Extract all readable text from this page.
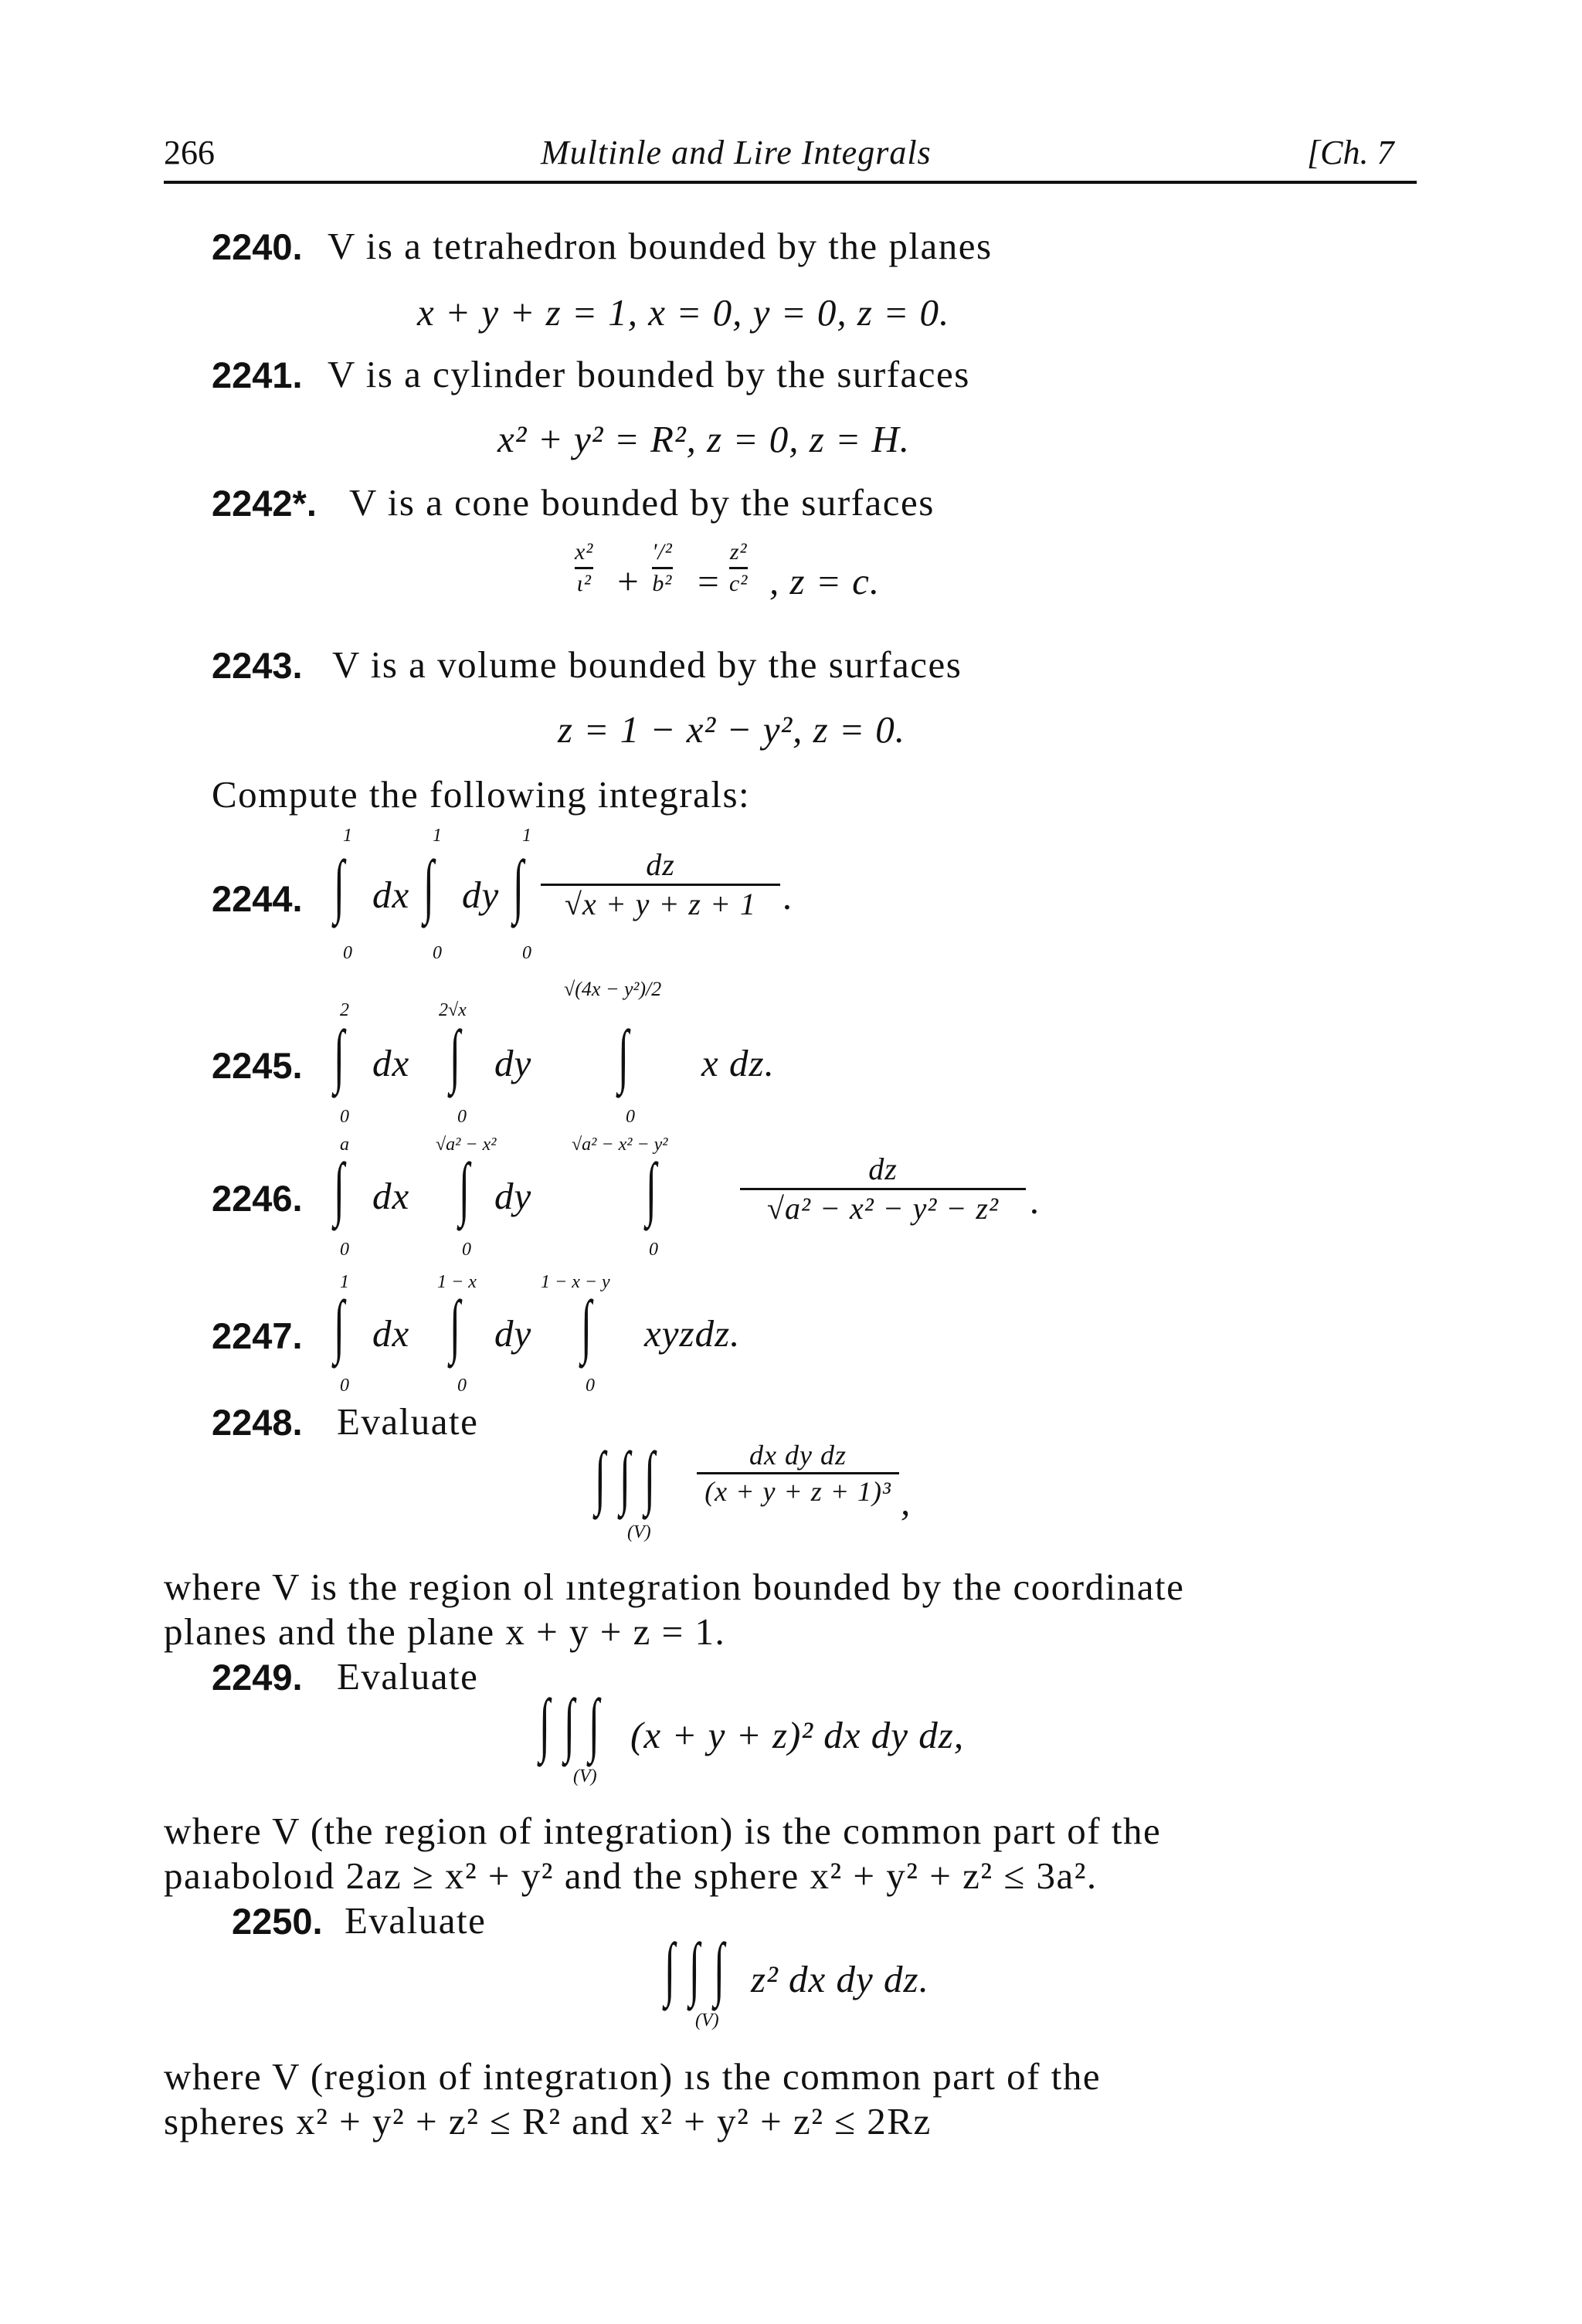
266	Multinle and Lire Integrals	[Ch. 7
2240. V is a tetrahedron bounded by the planes
x + y + z = 1, x = 0, y = 0, z = 0.
2241. V is a cylinder bounded by the surfaces
x² + y² = R², z = 0, z = H.
2242*. V is a cone bounded by the surfaces
x²
ι² +
'/²
b² =
z²
c² , z = c.
2243. V is a volume bounded by the surfaces
z = 1 − x² − y², z = 0.
Compute the following integrals:
2244.
1
∫
0
dx
1
∫
0
dy
1
∫
0
dz
√x + y + z + 1 .
2245.
2
∫
0
dx
2√x
∫
0
dy
√(4x − y²)/2
∫
0
x dz.
2246.
a
∫
0
dx
√a² − x²
∫
0
dy
√a² − x² − y²
∫
0
dz
√a² − x² − y² − z² .
2247.
1
∫
0
dx
1 − x
∫
0
dy
1 − x − y
∫
0
xyzdz.
2248. Evaluate
∫ ∫ ∫
(V)
dx dy dz
(x + y + z + 1)³ ,
where V is the region ol ıntegration bounded by the coordinate
planes and the plane x + y + z = 1.
2249. Evaluate
∫ ∫ ∫
(V)
(x + y + z)² dx dy dz,
where V (the region of integration) is the common part of the
paıaboloıd 2az ≥ x² + y² and the sphere x² + y² + z² ≤ 3a².
2250. Evaluate
∫ ∫ ∫
(V)
z² dx dy dz.
where V (region of integratıon) ıs the common part of the
spheres x² + y² + z² ≤ R² and x² + y² + z² ≤ 2Rz
